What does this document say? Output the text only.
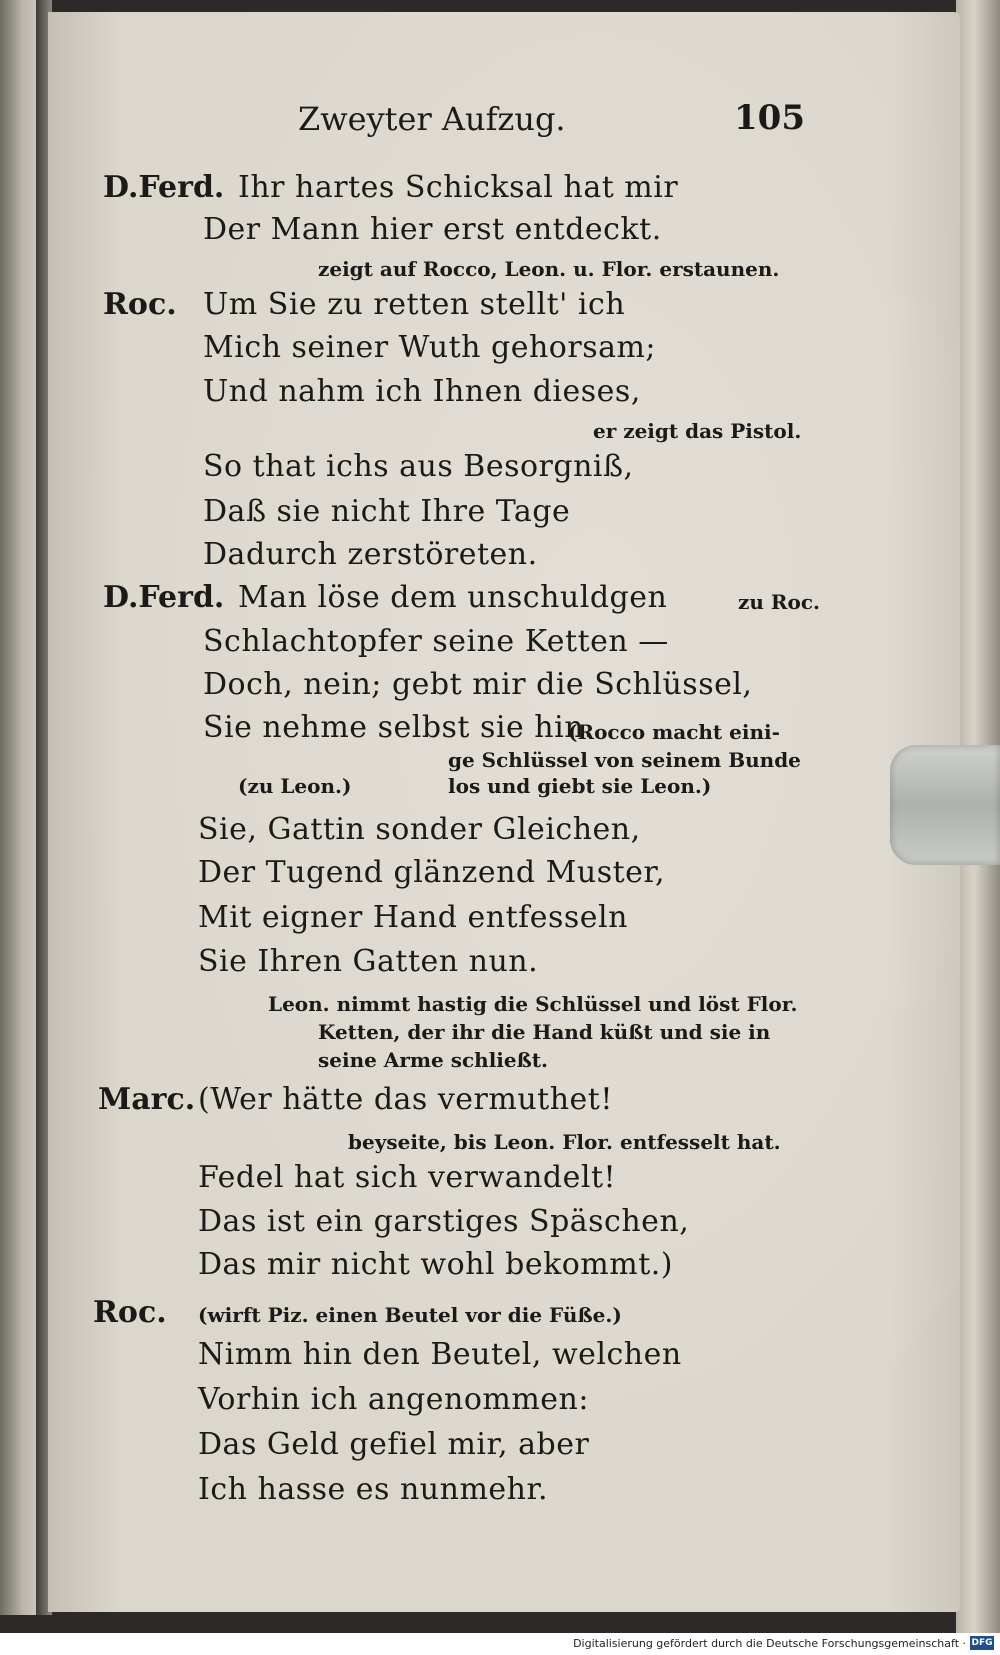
Zweyter Aufzug.	105
D.Ferd. Ihr hartes Schicksal hat mir
Der Mann hier erst entdeckt.
zeigt auf Rocco, Leon. u. Flor. erstaunen.
Roc. Um Sie zu retten stellt' ich
Mich seiner Wuth gehorsam;
Und nahm ich Ihnen dieses,
er zeigt das Pistol.
So that ichs aus Besorgniß,
Daß sie nicht Ihre Tage
Dadurch zerstöreten.
D.Ferd. Man löse dem unschuldgen	zu Roc.
Schlachtopfer seine Ketten —
Doch, nein; gebt mir die Schlüssel,
Sie nehme selbst sie hin.
(Rocco macht eini-
ge Schlüssel von seinem Bunde
(zu Leon.)	los und giebt sie Leon.)
Sie, Gattin sonder Gleichen,
Der Tugend glänzend Muster,
Mit eigner Hand entfesseln
Sie Ihren Gatten nun.
Leon. nimmt hastig die Schlüssel und löst Flor.
Ketten, der ihr die Hand küßt und sie in
seine Arme schließt.
Marc. (Wer hätte das vermuthet!
beyseite, bis Leon. Flor. entfesselt hat.
Fedel hat sich verwandelt!
Das ist ein garstiges Späschen,
Das mir nicht wohl bekommt.)
Roc. (wirft Piz. einen Beutel vor die Füße.)
Nimm hin den Beutel, welchen
Vorhin ich angenommen:
Das Geld gefiel mir, aber
Ich hasse es nunmehr.
Digitalisierung gefördert durch die Deutsche Forschungsgemeinschaft · DFG
